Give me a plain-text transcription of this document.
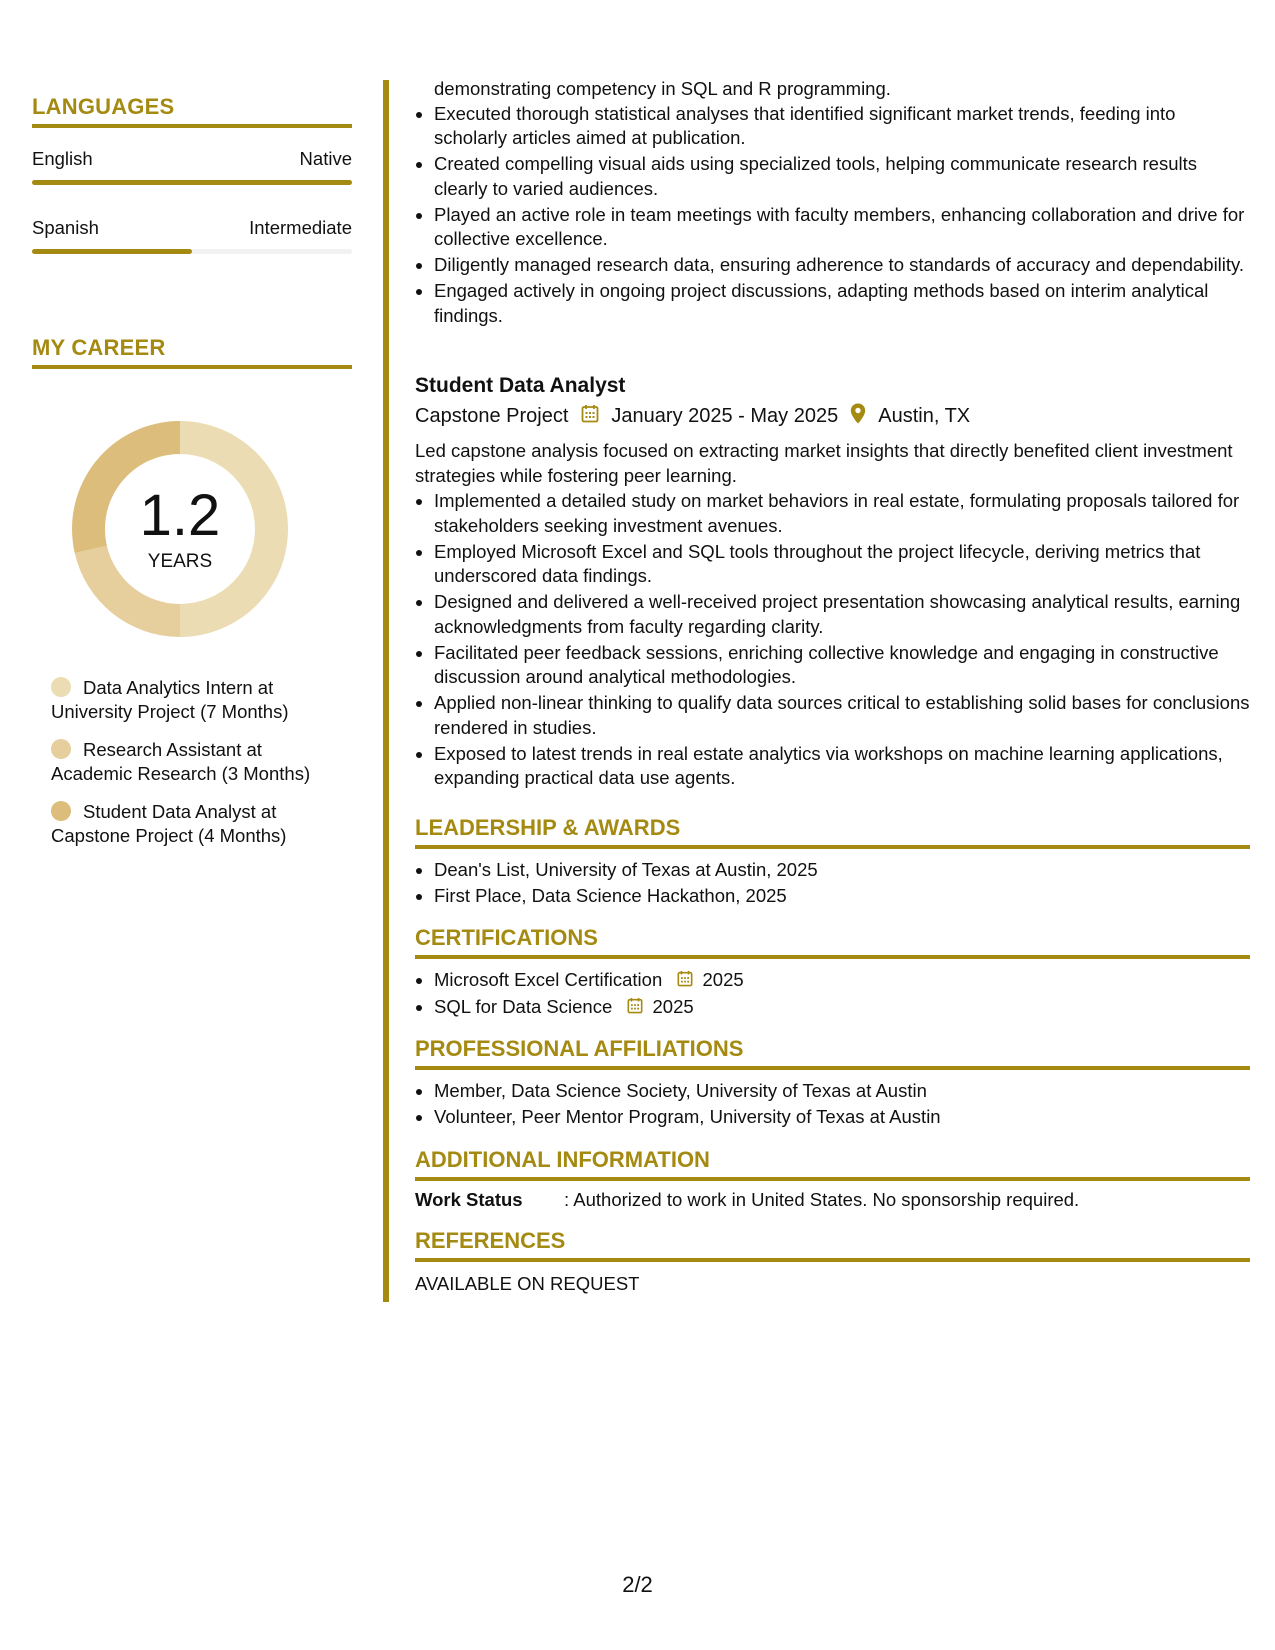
LANGUAGES
English	Native
Spanish	Intermediate
MY CAREER
1.2
YEARS
Data Analytics Intern at
University Project (7 Months)
Research Assistant at
Academic Research (3 Months)
Student Data Analyst at
Capstone Project (4 Months)
demonstrating competency in SQL and R programming.
• Executed thorough statistical analyses that identified significant market trends, feeding into scholarly articles aimed at publication.
• Created compelling visual aids using specialized tools, helping communicate research results clearly to varied audiences.
• Played an active role in team meetings with faculty members, enhancing collaboration and drive for collective excellence.
• Diligently managed research data, ensuring adherence to standards of accuracy and dependability.
• Engaged actively in ongoing project discussions, adapting methods based on interim analytical findings.
Student Data Analyst
Capstone Project January 2025 - May 2025 Austin, TX
Led capstone analysis focused on extracting market insights that directly benefited client investment strategies while fostering peer learning.
• Implemented a detailed study on market behaviors in real estate, formulating proposals tailored for stakeholders seeking investment avenues.
• Employed Microsoft Excel and SQL tools throughout the project lifecycle, deriving metrics that underscored data findings.
• Designed and delivered a well-received project presentation showcasing analytical results, earning acknowledgments from faculty regarding clarity.
• Facilitated peer feedback sessions, enriching collective knowledge and engaging in constructive discussion around analytical methodologies.
• Applied non-linear thinking to qualify data sources critical to establishing solid bases for conclusions rendered in studies.
• Exposed to latest trends in real estate analytics via workshops on machine learning applications, expanding practical data use agents.
LEADERSHIP & AWARDS
• Dean's List, University of Texas at Austin, 2025
• First Place, Data Science Hackathon, 2025
CERTIFICATIONS
• Microsoft Excel Certification 2025
• SQL for Data Science 2025
PROFESSIONAL AFFILIATIONS
• Member, Data Science Society, University of Texas at Austin
• Volunteer, Peer Mentor Program, University of Texas at Austin
ADDITIONAL INFORMATION
Work Status	: Authorized to work in United States. No sponsorship required.
REFERENCES
AVAILABLE ON REQUEST
2/2
